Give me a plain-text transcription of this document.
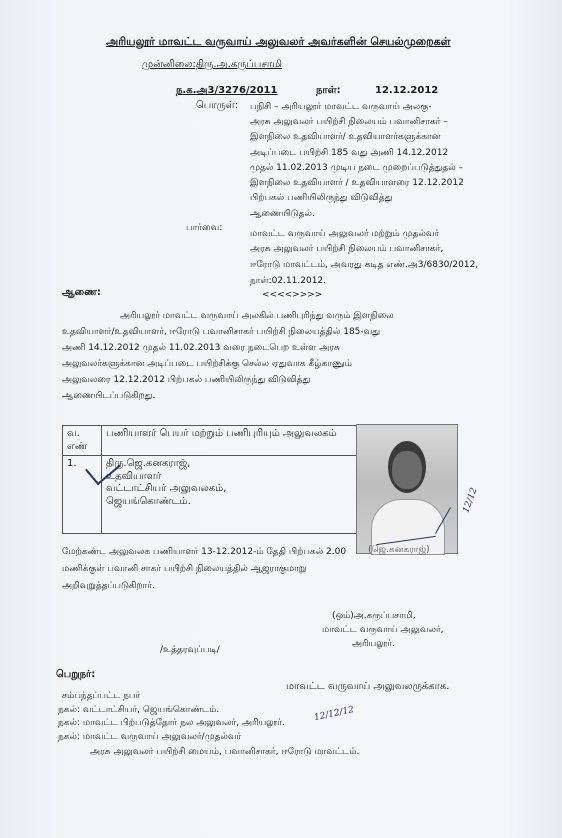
அரியலூர் மாவட்ட வருவாய் அலுவலர் அவர்களின் செயல்முறைகள்
முன்னிலை:திரு.அ.கருப்பசாமி
ந.க.அ3/3276/2011	நாள்:	12.12.2012
பொருள்: பநிசி – அரியலூர் மாவட்ட வருவாய் அலகு-
அரசு அலுவலர் பயிற்சி நிலையம் பவானிசாகர் –
இளநிலை உதவியாளர்/ உதவியாளர்களுக்கான
அடிப்படை பயிற்சி 185 வது அணி 14.12.2012
முதல் 11.02.2013 முடிய நடை முறைப்படுத்துதல் –
இளநிலை உதவியாளர் / உதவியாளரை 12.12.2012
பிற்பகல் பணியிலிருந்து விடுவித்து
ஆணையிடுதல்.
பார்வை:
மாவட்ட வருவாய் அலுவலர் மற்றும் முதல்வர்
அரசு அலுவலர் பயிற்சி நிலையம் பவானிசாகர்,
ஈரோடு மாவட்டம், அவரது கடித எண்.அ3/6830/2012,
நாள்:02.11.2012.
<<<<>>>>
ஆணை:
அரியலூர் மாவட்ட வருவாய் அலகில் பணிபுரிந்து வரும் இளநிலை
உதவியாளர்/உதவியாளர், ஈரோடு பவானிசாகர் பயிற்சி நிலையத்தில் 185-வது
அணி 14.12.2012 முதல் 11.02.2013 வரை நடைபெற உள்ள அரசு
அலுவலர்களுக்கான அடிப்படை பயிற்சிக்கு செல்ல ஏதுவாக கீழ்காணும்
அலுவலரை 12.12.2012 பிற்பகல் பணியிலிருந்து விடுவித்து
ஆணையிடப்படுகிறது.
வ. எண்	பணியாளர் பெயர் மற்றும் பணிபுரியும் அலுவலகம்
1.	திரு.ஜெ.கனகராஜ்,
உதவியாளர்
வட்டாட்சியர் அலுவலகம்,
ஜெயங்கொண்டம்.
(ஜெ.கனகராஜ்)
மேற்கண்ட அலுவலக பணியாளர் 13-12.2012-ம் தேதி பிற்பகல் 2.00
மணிக்குள் பவானி சாகர் பயிற்சி நிலையத்தில் ஆஜராகுமாறு
அறிவுறுத்தப்படுகிறார்.
(ஒம்)அ.கருப்பசாமி,
மாவட்ட வருவாய் அலுவலர்,
அரியலூர்.
/உத்தரவுப்படி/
பெறுநர்:
மாவட்ட வருவாய் அலுவலருக்காக.
சம்பந்தப்பட்ட நபர்
நகல்: வட்டாட்சியர், ஜெயங்கொண்டம்.
நகல்: மாவட்ட பிற்படுத்தோர் நல அலுவலர், அரியலூர்.
நகல்: மாவட்ட வருவாய் அலுவலர்/முதல்வர்
அரசு அலுவலர் பயிற்சி மையம், பவானிசாகர், ஈரோடு மாவட்டம்.
12/12
12/12/12
